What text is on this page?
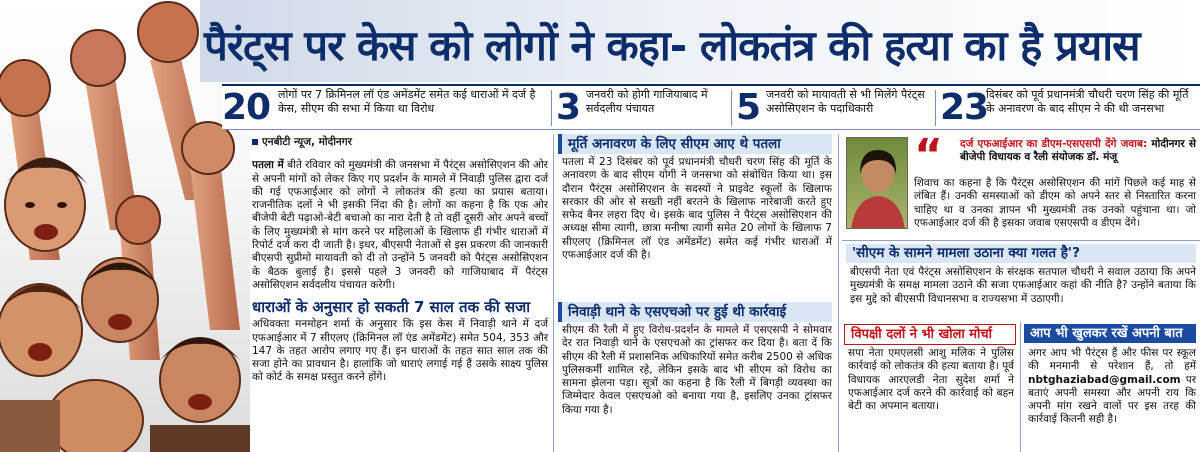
पैरंट्स पर केस को लोगों ने कहा- लोकतंत्र की हत्या का है प्रयास
20 लोगों पर 7 क्रिमिनल लॉ एंड अमेंडमेंट समेत कई धाराओं में दर्ज है केस, सीएम की सभा में किया था विरोध	3 जनवरी को होगी गाजियाबाद में सर्वदलीय पंचायत	5 जनवरी को मायावती से भी मिलेंगे पैरंट्स असोसिएशन के पदाधिकारी	23
दिसंबर को पूर्व प्रधानमंत्री चौधरी चरण सिंह की मूर्ति के अनावरण के बाद सीएम ने की थी जनसभा
एनबीटी न्यूज, मोदीनगर
पतला में बीते रविवार को मुख्यमंत्री की जनसभा में पैरंट्स असोसिएशन की ओर से अपनी मांगों को लेकर किए गए प्रदर्शन के मामले में निवाड़ी पुलिस द्वारा दर्ज की गई एफआईआर को लोगों ने लोकतंत्र की हत्या का प्रयास बताया। राजनीतिक दलों ने भी इसकी निंदा की है। लोगों का कहना है कि एक ओर बीजेपी बेटी पढ़ाओ-बेटी बचाओ का नारा देती है तो वहीं दूसरी ओर अपने बच्चों के लिए मुख्यमंत्री से मांग करने पर महिलाओं के खिलाफ ही गंभीर धाराओं में रिपोर्ट दर्ज करा दी जाती है। इधर, बीएसपी नेताओं से इस प्रकरण की जानकारी बीएसपी सुप्रीमो मायावती को दी तो उन्होंने 5 जनवरी को पैरंट्स असोसिएशन के बैठक बुलाई है। इससे पहले 3 जनवरी को गाजियाबाद में पैरंट्स असोसिएशन सर्वदलीय पंचायत करेगी।
धाराओं के अनुसार हो सकती 7 साल तक की सजा
अधिवक्ता मनमोहन शर्मा के अनुसार कि इस केस में निवाड़ी थाने में दर्ज एफआईआर में 7 सीएलए (क्रिमिनल लॉ एंड अमेंडमेंट) समेत 504, 353 और 147 के तहत आरोप लगाए गए हैं। इन धाराओं के तहत सात साल तक की सजा होने का प्रावधान है। हालांकि जो धाराएं लगाई गई हैं उसके साक्ष्य पुलिस को कोर्ट के समक्ष प्रस्तुत करने होंगे।
मूर्ति अनावरण के लिए सीएम आए थे पतला
पतला में 23 दिसंबर को पूर्व प्रधानमंत्री चौधरी चरण सिंह की मूर्ति के अनावरण के बाद सीएम योगी ने जनसभा को संबोधित किया था। इस दौरान पैरंट्स असोसिएशन के सदस्यों ने प्राइवेट स्कूलों के खिलाफ सरकार की ओर से सख्ती नहीं बरतने के खिलाफ नारेबाजी करते हुए सफेद बैनर लहरा दिए थे। इसके बाद पुलिस ने पैरंट्स असोसिएशन की अध्यक्ष सीमा त्यागी, छात्रा मनीषा त्यागी समेत 20 लोगों के खिलाफ 7 सीएलए (क्रिमिनल लॉ एंड अमेंडमेंट) समेत कई गंभीर धाराओं में एफआईआर दर्ज की है।
निवाड़ी थाने के एसएचओ पर हुई थी कार्रवाई
सीएम की रैली में हुए विरोध-प्रदर्शन के मामले में एसएसपी ने सोमवार देर रात निवाड़ी थाने के एसएचओ का ट्रांसफर कर दिया है। बता दें कि सीएम की रैली में प्रशासनिक अधिकारियों समेत करीब 2500 से अधिक पुलिसकर्मी शामिल रहे, लेकिन इसके बाद भी सीएम को विरोध का सामना झेलना पड़ा। सूत्रों का कहना है कि रैली में बिगड़ी व्यवस्था का जिम्मेदार केवल एसएचओ को बनाया गया है, इसलिए उनका ट्रांसफर किया गया है।
“ दर्ज एफआईआर का डीएम-एसएसपी देंगे जवाब: मोदीनगर से बीजेपी विधायक व रैली संयोजक डॉ. मंजू
शिवाच का कहना है कि पैरंट्स असोसिएशन की मांगें पिछले कई माह से लंबित हैं। उनकी समस्याओं को डीएम को अपने स्तर से निस्तारित करना चाहिए था व उनका ज्ञापन भी मुख्यमंत्री तक उनको पहुंचाना था। जो एफआईआर दर्ज की है इसका जवाब एसएसपी व डीएम देंगे।
'सीएम के सामने मामला उठाना क्या गलत है'?
बीएसपी नेता एवं पैरंट्स असोसिएशन के संरक्षक सतपाल चौधरी ने सवाल उठाया कि अपने मुख्यमंत्री के समक्ष मामला उठाने की सजा एफआईआर कहां की नीति है? उन्होंने बताया कि इस मुद्दे को बीएसपी विधानसभा व राज्यसभा में उठाएगी।
विपक्षी दलों ने भी खोला मोर्चा
सपा नेता एमएलसी आशु मलिक ने पुलिस कार्रवाई को लोकतंत्र की हत्या बताया है। पूर्व विधायक आरएलडी नेता सुदेश शर्मा ने एफआईआर दर्ज करने की कार्रवाई को बहन बेटी का अपमान बताया।
आप भी खुलकर रखें अपनी बात
अगर आप भी पैरंट्स हैं और फीस पर स्कूल की मनमानी से परेशान हैं, तो हमें nbtghaziabad@gmail.com पर बताएं अपनी समस्या और अपनी राय कि अपनी मांग रखने वालों पर इस तरह की कार्रवाई कितनी सही है।
